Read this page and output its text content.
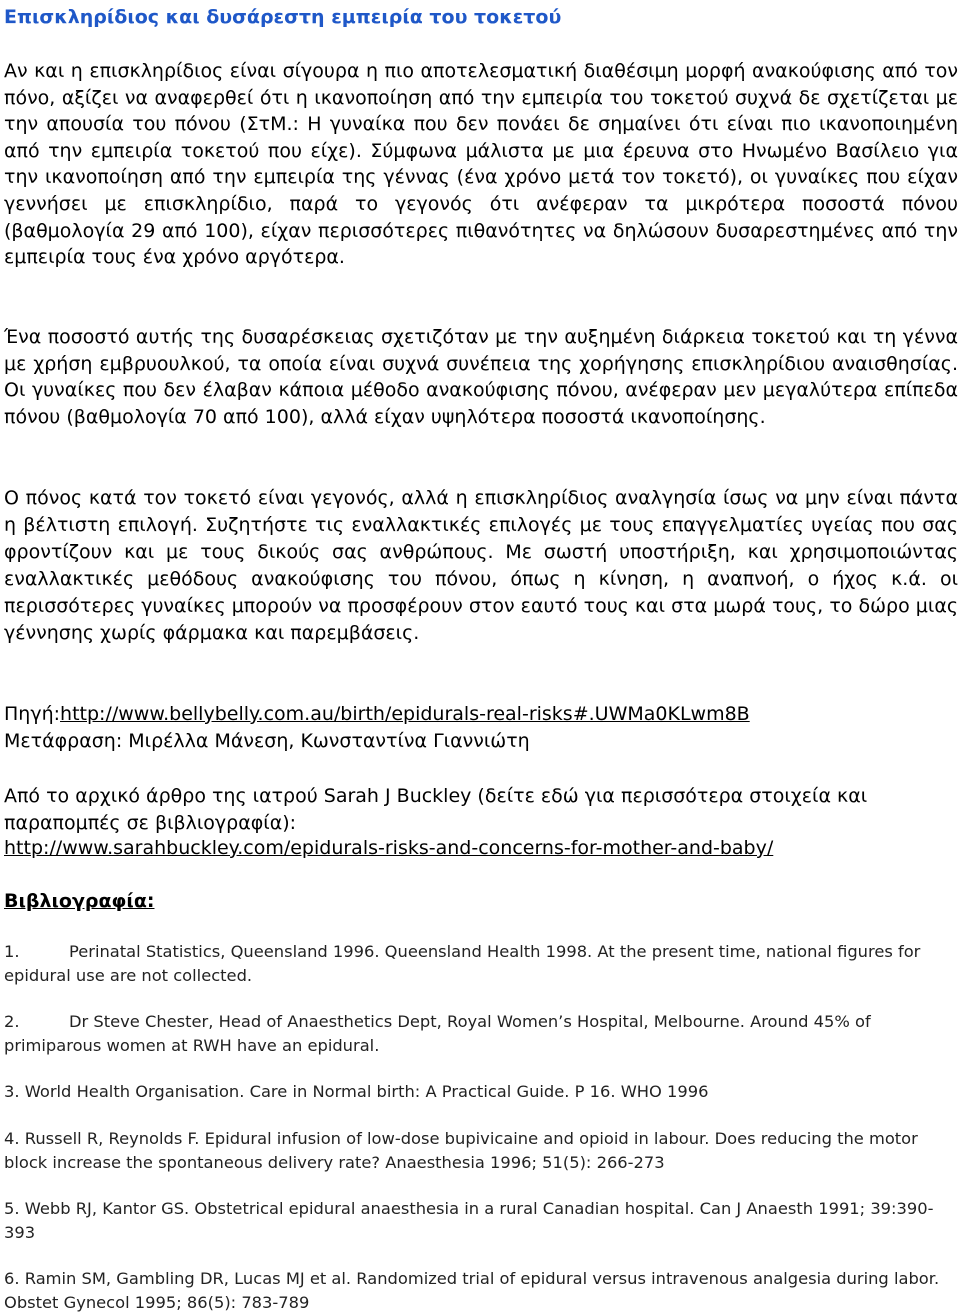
Επισκληρίδιος και δυσάρεστη εμπειρία του τοκετού

Αν και η επισκληρίδιος είναι σίγουρα η πιο αποτελεσματική διαθέσιμη μορφή ανακούφισης από τον πόνο, αξίζει να αναφερθεί ότι η ικανοποίηση από την εμπειρία του τοκετού συχνά δε σχετίζεται με την απουσία του πόνου (ΣτΜ.: Η γυναίκα που δεν πονάει δε σημαίνει ότι είναι πιο ικανοποιημένη από την εμπειρία τοκετού που είχε). Σύμφωνα μάλιστα με μια έρευνα στο Ηνωμένο Βασίλειο για την ικανοποίηση από την εμπειρία της γέννας (ένα χρόνο μετά τον τοκετό), οι γυναίκες που είχαν γεννήσει με επισκληρίδιο, παρά το γεγονός ότι ανέφεραν τα μικρότερα ποσοστά πόνου (βαθμολογία 29 από 100), είχαν περισσότερες πιθανότητες να δηλώσουν δυσαρεστημένες από την εμπειρία τους ένα χρόνο αργότερα.

Ένα ποσοστό αυτής της δυσαρέσκειας σχετιζόταν με την αυξημένη διάρκεια τοκετού και τη γέννα με χρήση εμβρυουλκού, τα οποία είναι συχνά συνέπεια της χορήγησης επισκληρίδιου αναισθησίας. Οι γυναίκες που δεν έλαβαν κάποια μέθοδο ανακούφισης πόνου, ανέφεραν μεν μεγαλύτερα επίπεδα πόνου (βαθμολογία 70 από 100), αλλά είχαν υψηλότερα ποσοστά ικανοποίησης.

Ο πόνος κατά τον τοκετό είναι γεγονός, αλλά η επισκληρίδιος αναλγησία ίσως να μην είναι πάντα η βέλτιστη επιλογή. Συζητήστε τις εναλλακτικές επιλογές με τους επαγγελματίες υγείας που σας φροντίζουν και με τους δικούς σας ανθρώπους. Με σωστή υποστήριξη, και χρησιμοποιώντας εναλλακτικές μεθόδους ανακούφισης του πόνου, όπως η κίνηση, η αναπνοή, ο ήχος κ.ά. οι περισσότερες γυναίκες μπορούν να προσφέρουν στον εαυτό τους και στα μωρά τους, το δώρο μιας γέννησης χωρίς φάρμακα και παρεμβάσεις.

Πηγή:http://www.bellybelly.com.au/birth/epidurals-real-risks#.UWMa0KLwm8B

Μετάφραση: Μιρέλλα Μάνεση, Κωνσταντίνα Γιαννιώτη

Από το αρχικό άρθρο της ιατρού Sarah J Buckley (δείτε εδώ για περισσότερα στοιχεία και παραπομπές σε βιβλιογραφία):

http://www.sarahbuckley.com/epidurals-risks-and-concerns-for-mother-and-baby/

Βιβλιογραφία:

1.	Perinatal Statistics, Queensland 1996. Queensland Health 1998. At the present time, national figures for epidural use are not collected.

2.	Dr Steve Chester, Head of Anaesthetics Dept, Royal Women’s Hospital, Melbourne. Around 45% of primiparous women at RWH have an epidural.

3. World Health Organisation. Care in Normal birth: A Practical Guide. P 16. WHO 1996

4. Russell R, Reynolds F. Epidural infusion of low-dose bupivicaine and opioid in labour. Does reducing the motor block increase the spontaneous delivery rate? Anaesthesia 1996; 51(5): 266-273

5. Webb RJ, Kantor GS. Obstetrical epidural anaesthesia in a rural Canadian hospital. Can J Anaesth 1991; 39:390-393

6. Ramin SM, Gambling DR, Lucas MJ et al. Randomized trial of epidural versus intravenous analgesia during labor. Obstet Gynecol 1995; 86(5): 783-789
